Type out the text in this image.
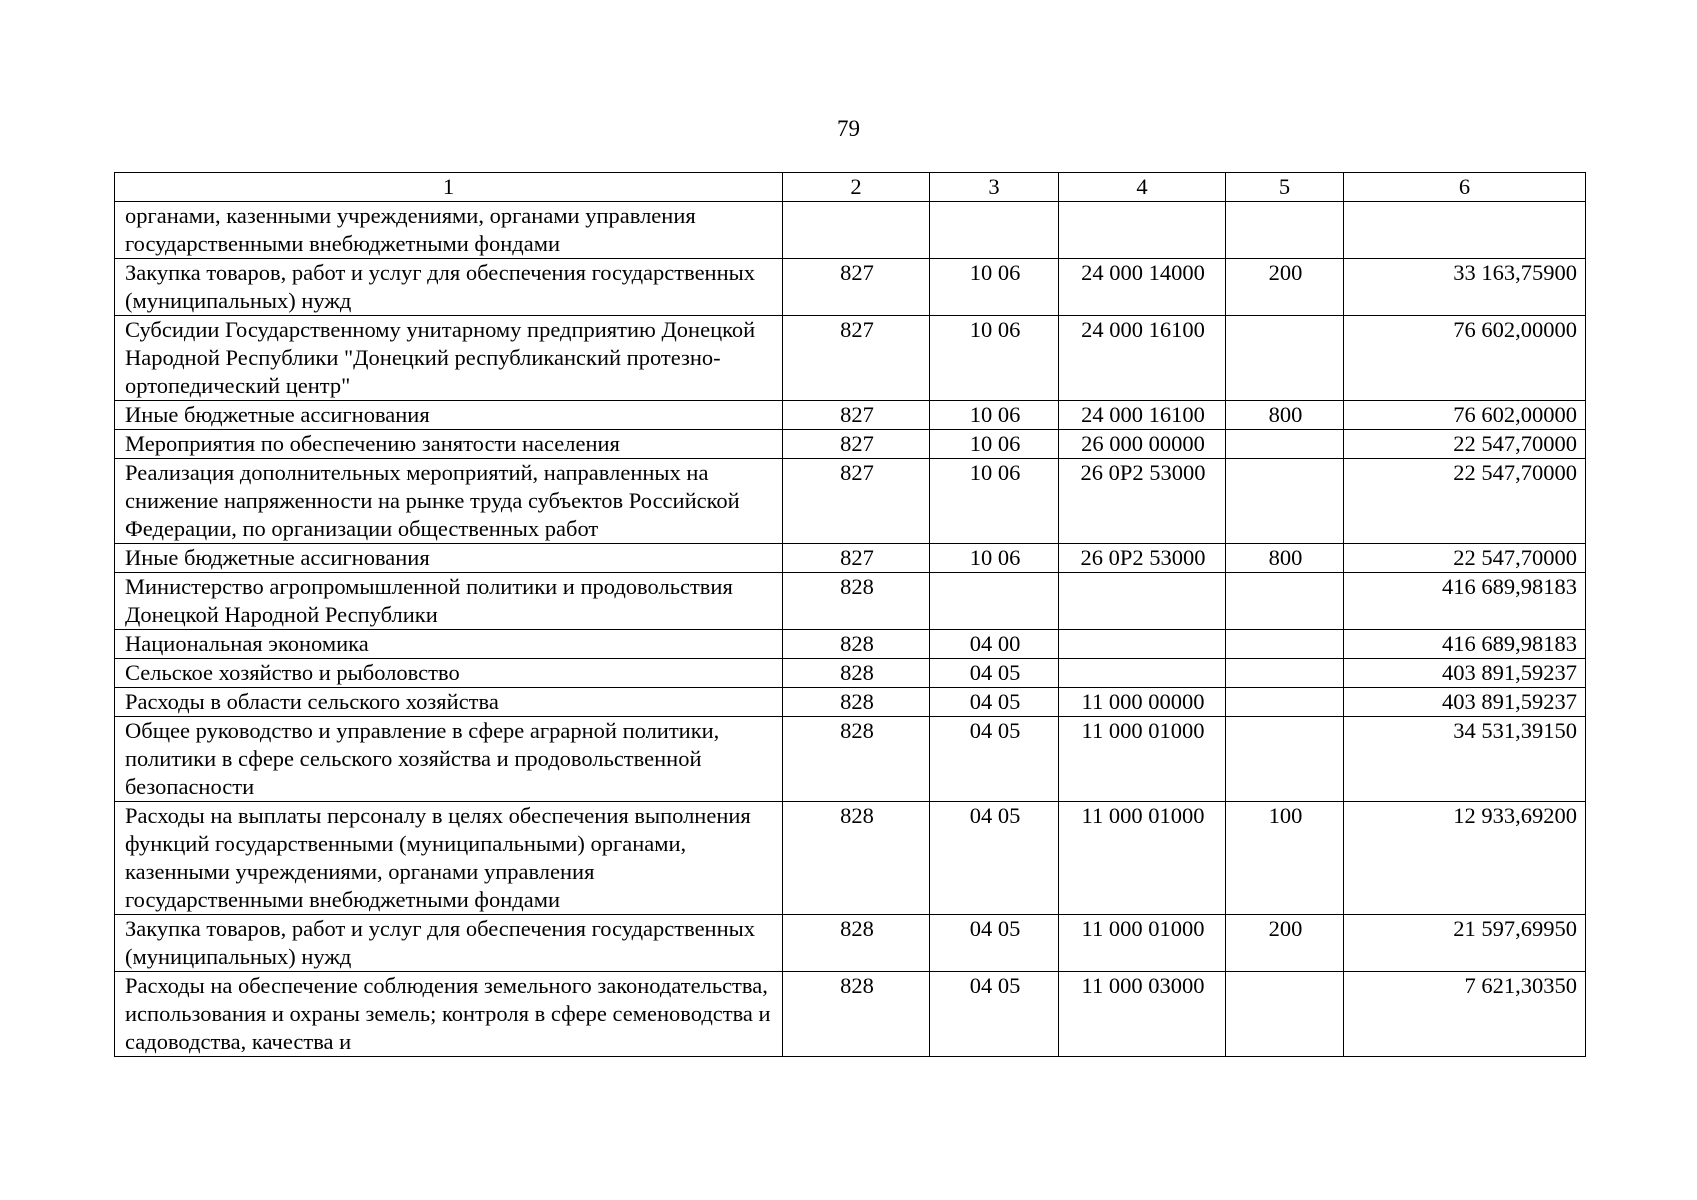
79
1	2	3	4	5	6
органами, казенными учреждениями, органами управления государственными внебюджетными фондами					
Закупка товаров, работ и услуг для обеспечения государственных (муниципальных) нужд	827	10 06	24 000 14000	200	33 163,75900
Субсидии Государственному унитарному предприятию Донецкой Народной Республики "Донецкий республиканский протезно-ортопедический центр"	827	10 06	24 000 16100		76 602,00000
Иные бюджетные ассигнования	827	10 06	24 000 16100	800	76 602,00000
Мероприятия по обеспечению занятости населения	827	10 06	26 000 00000		22 547,70000
Реализация дополнительных мероприятий, направленных на снижение напряженности на рынке труда субъектов Российской Федерации, по организации общественных работ	827	10 06	26 0Р2 53000		22 547,70000
Иные бюджетные ассигнования	827	10 06	26 0Р2 53000	800	22 547,70000
Министерство агропромышленной политики и продовольствия Донецкой Народной Республики	828				416 689,98183
Национальная экономика	828	04 00			416 689,98183
Сельское хозяйство и рыболовство	828	04 05			403 891,59237
Расходы в области сельского хозяйства	828	04 05	11 000 00000		403 891,59237
Общее руководство и управление в сфере аграрной политики, политики в сфере сельского хозяйства и продовольственной безопасности	828	04 05	11 000 01000		34 531,39150
Расходы на выплаты персоналу в целях обеспечения выполнения функций государственными (муниципальными) органами, казенными учреждениями, органами управления государственными внебюджетными фондами	828	04 05	11 000 01000	100	12 933,69200
Закупка товаров, работ и услуг для обеспечения государственных (муниципальных) нужд	828	04 05	11 000 01000	200	21 597,69950
Расходы на обеспечение соблюдения земельного законодательства, использования и охраны земель; контроля в сфере семеноводства и садоводства, качества и	828	04 05	11 000 03000		7 621,30350
